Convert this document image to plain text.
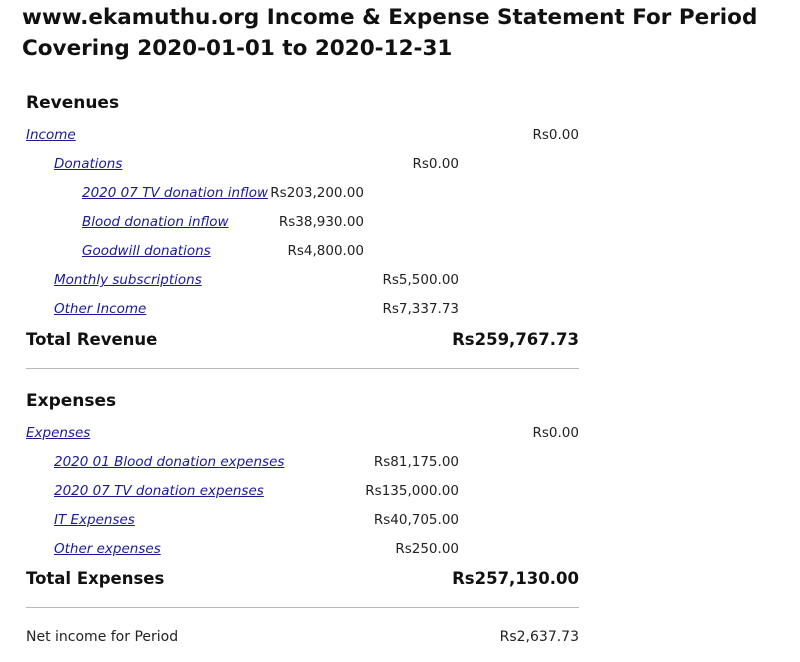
www.ekamuthu.org Income & Expense Statement For Period Covering 2020-01-01 to 2020-12-31
Revenues
Income	Rs0.00
Donations	Rs0.00
2020 07 TV donation inflow Rs203,200.00
Blood donation inflow	Rs38,930.00
Goodwill donations	Rs4,800.00
Monthly subscriptions	Rs5,500.00
Other Income	Rs7,337.73
Total Revenue	Rs259,767.73
Expenses
Expenses	Rs0.00
2020 01 Blood donation expenses	Rs81,175.00
2020 07 TV donation expenses	Rs135,000.00
IT Expenses	Rs40,705.00
Other expenses	Rs250.00
Total Expenses	Rs257,130.00
Net income for Period	Rs2,637.73
